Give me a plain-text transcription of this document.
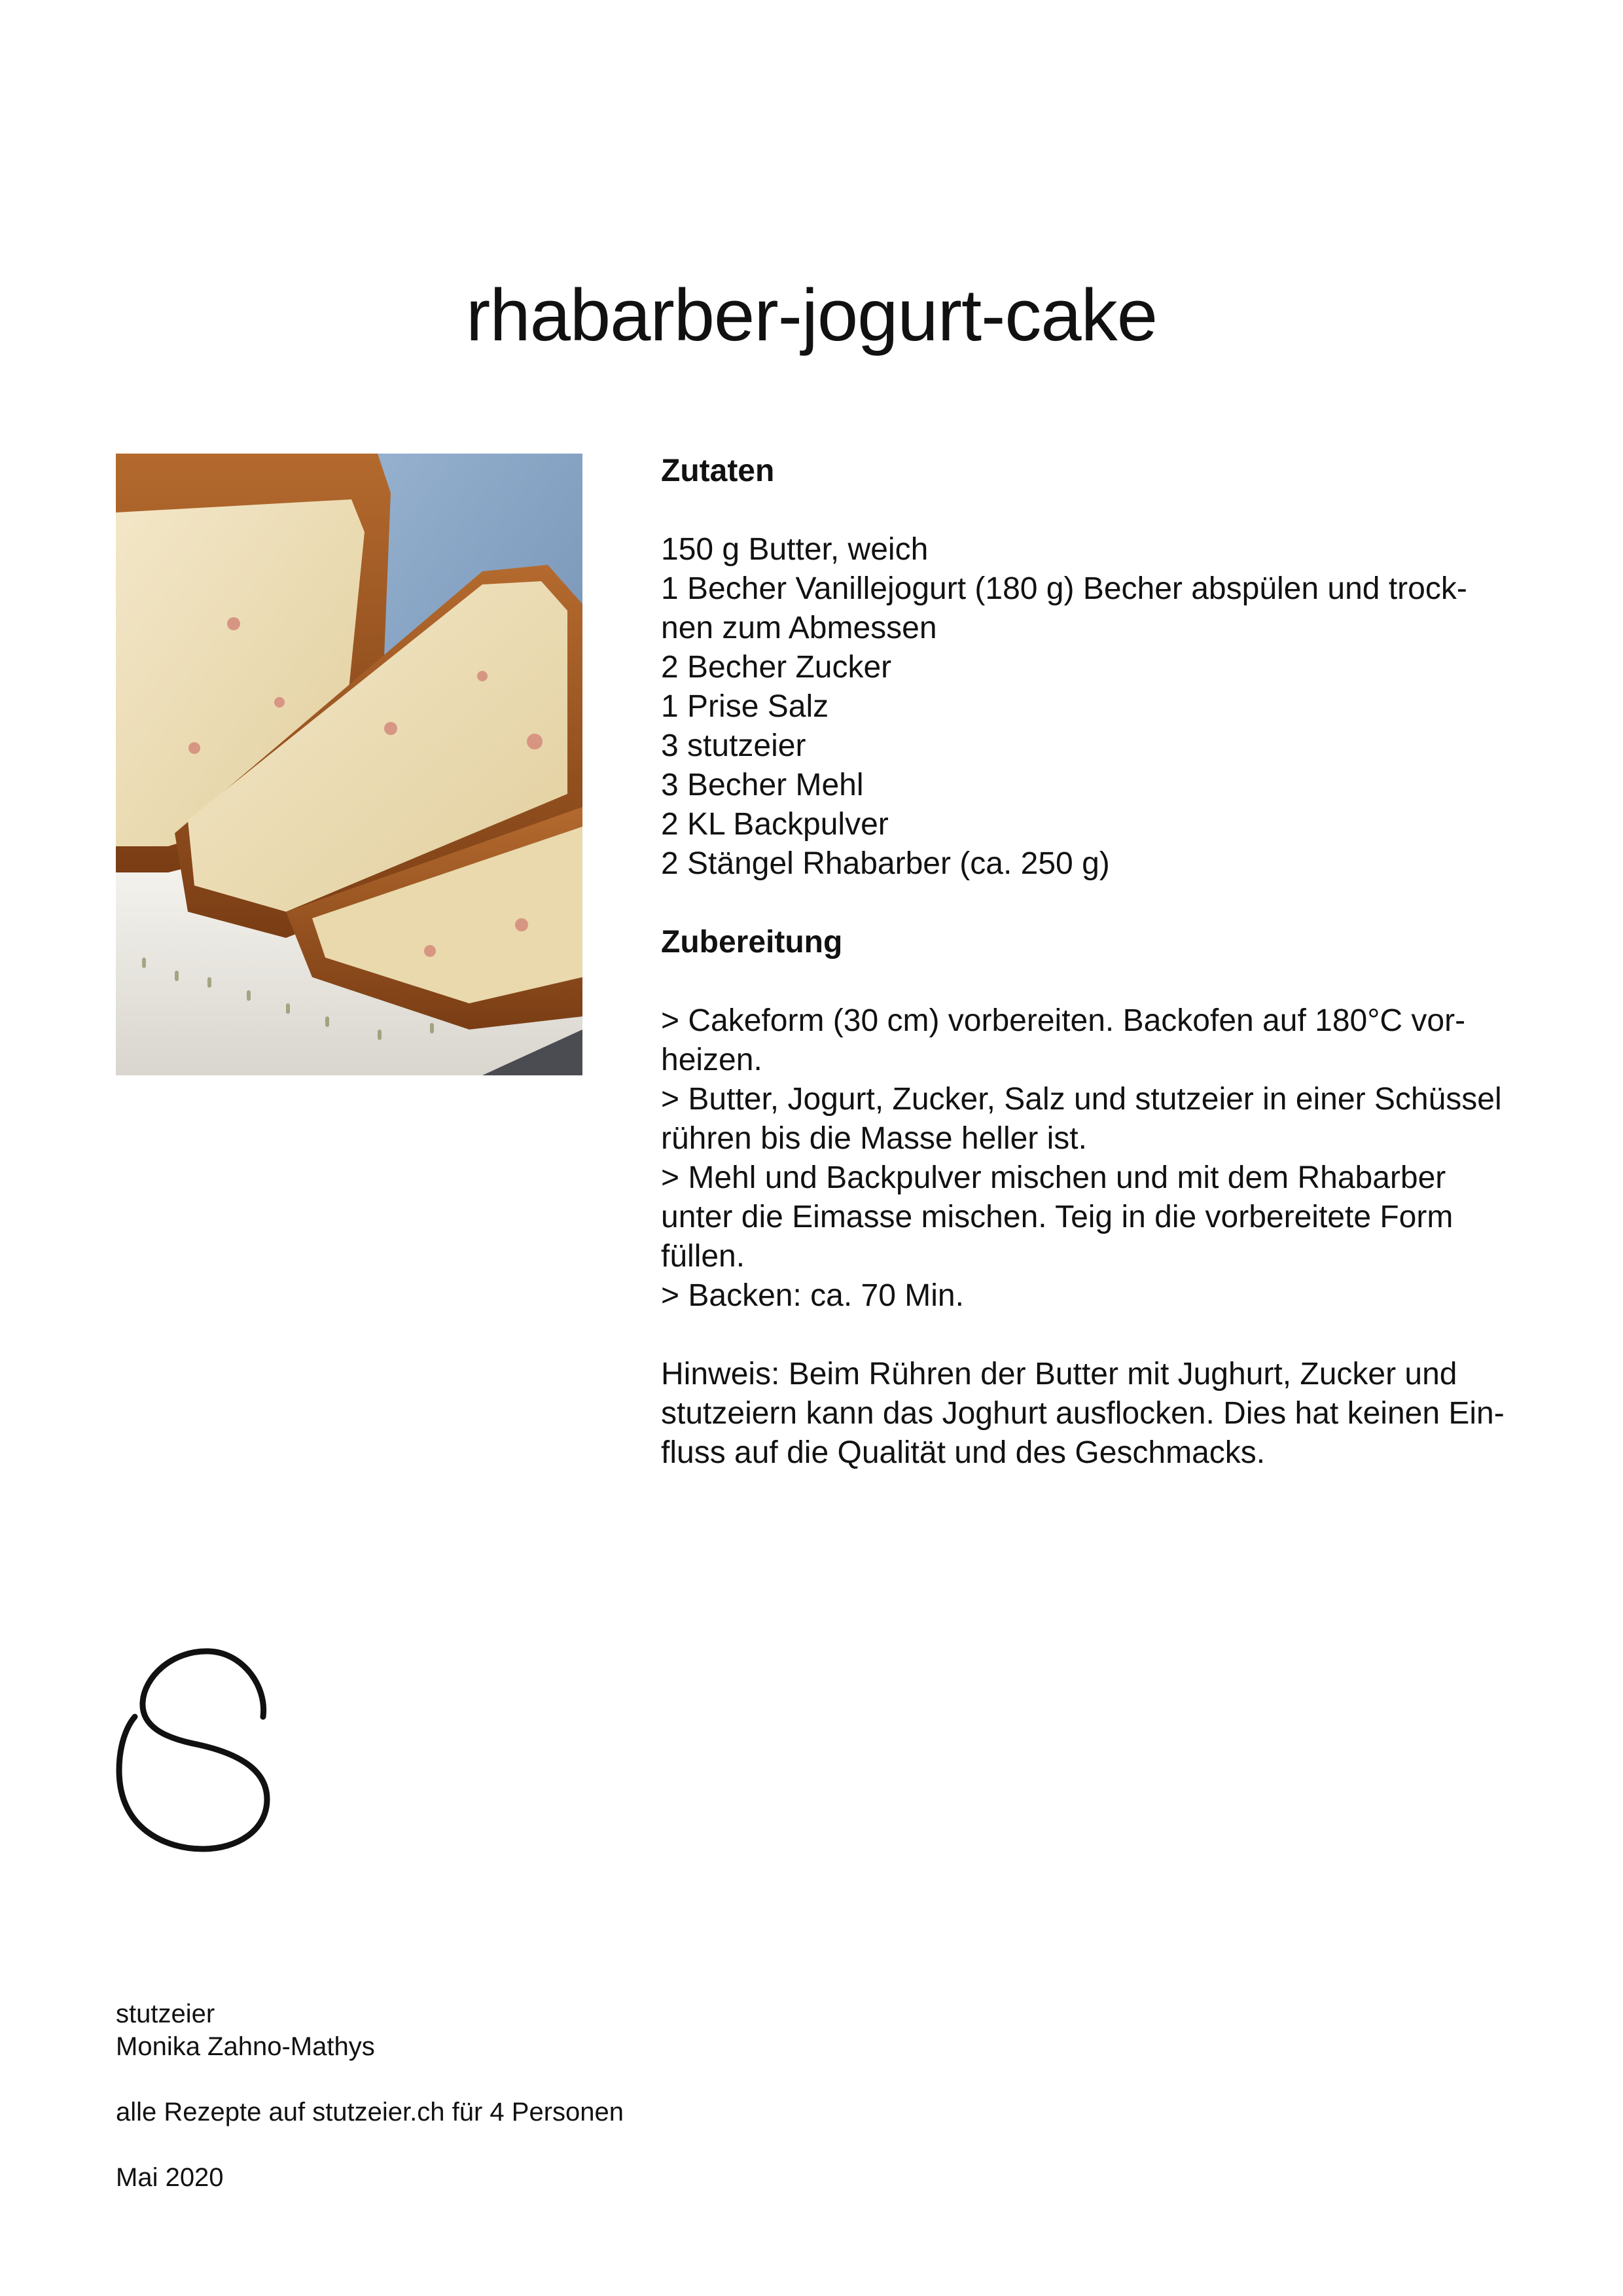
rhabarber-jogurt-cake

Zutaten

150 g Butter, weich

1 Becher Vanillejogurt (180 g) Becher abspülen und trock-

nen zum Abmessen

2 Becher Zucker

1 Prise Salz

3 stutzeier

3 Becher Mehl

2 KL Backpulver

2 Stängel Rhabarber (ca. 250 g)

Zubereitung

> Cakeform (30 cm) vorbereiten. Backofen auf 180°C vor-

heizen.

> Butter, Jogurt, Zucker, Salz und stutzeier in einer Schüssel

rühren bis die Masse heller ist.

> Mehl und Backpulver mischen und mit dem Rhabarber

unter die Eimasse mischen. Teig in die vorbereitete Form

füllen.

> Backen: ca. 70 Min.

Hinweis: Beim Rühren der Butter mit Jughurt, Zucker und

stutzeiern kann das Joghurt ausflocken. Dies hat keinen Ein-

fluss auf die Qualität und des Geschmacks.

stutzeier

Monika Zahno-Mathys

alle Rezepte auf stutzeier.ch für 4 Personen

Mai 2020
